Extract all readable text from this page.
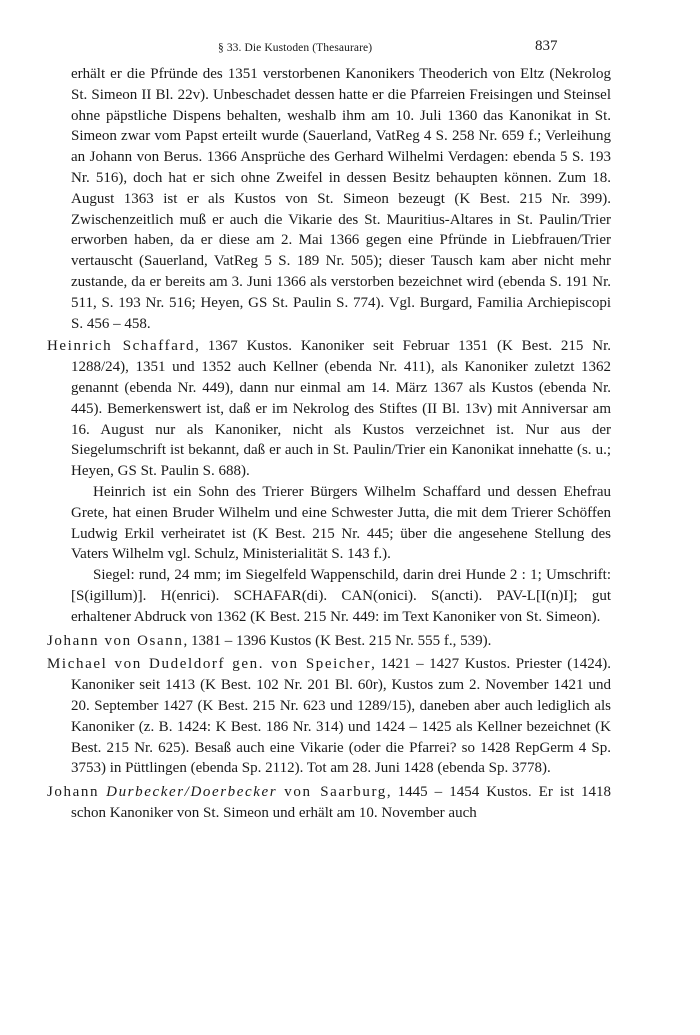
§ 33. Die Kustoden (Thesaurare)	837

erhält er die Pfründe des 1351 verstorbenen Kanonikers Theoderich von Eltz (Nekrolog St. Simeon II Bl. 22v). Unbeschadet dessen hatte er die Pfarreien Freisingen und Steinsel ohne päpstliche Dispens behalten, weshalb ihm am 10. Juli 1360 das Kanonikat in St. Simeon zwar vom Papst erteilt wurde (Sauerland, VatReg 4 S. 258 Nr. 659 f.; Verleihung an Johann von Berus. 1366 Ansprüche des Gerhard Wilhelmi Verdagen: ebenda 5 S. 193 Nr. 516), doch hat er sich ohne Zweifel in dessen Besitz behaupten können. Zum 18. August 1363 ist er als Kustos von St. Simeon bezeugt (K Best. 215 Nr. 399). Zwischenzeitlich muß er auch die Vikarie des St. Mauritius-Altares in St. Paulin/Trier erworben haben, da er diese am 2. Mai 1366 gegen eine Pfründe in Liebfrauen/Trier vertauscht (Sauerland, VatReg 5 S. 189 Nr. 505); dieser Tausch kam aber nicht mehr zustande, da er bereits am 3. Juni 1366 als verstorben bezeichnet wird (ebenda S. 191 Nr. 511, S. 193 Nr. 516; Heyen, GS St. Paulin S. 774). Vgl. Burgard, Familia Archiepiscopi S. 456 – 458.

Heinrich Schaffard, 1367 Kustos. Kanoniker seit Februar 1351 (K Best. 215 Nr. 1288/24), 1351 und 1352 auch Kellner (ebenda Nr. 411), als Kanoniker zuletzt 1362 genannt (ebenda Nr. 449), dann nur einmal am 14. März 1367 als Kustos (ebenda Nr. 445). Bemerkenswert ist, daß er im Nekrolog des Stiftes (II Bl. 13v) mit Anniversar am 16. August nur als Kanoniker, nicht als Kustos verzeichnet ist. Nur aus der Siegelumschrift ist bekannt, daß er auch in St. Paulin/Trier ein Kanonikat innehatte (s. u.; Heyen, GS St. Paulin S. 688).

Heinrich ist ein Sohn des Trierer Bürgers Wilhelm Schaffard und dessen Ehefrau Grete, hat einen Bruder Wilhelm und eine Schwester Jutta, die mit dem Trierer Schöffen Ludwig Erkil verheiratet ist (K Best. 215 Nr. 445; über die angesehene Stellung des Vaters Wilhelm vgl. Schulz, Ministerialität S. 143 f.).

Siegel: rund, 24 mm; im Siegelfeld Wappenschild, darin drei Hunde 2 : 1; Umschrift: [S(igillum)]. H(enrici). SCHAFAR(di). CAN(onici). S(ancti). PAV-L[I(n)I]; gut erhaltener Abdruck von 1362 (K Best. 215 Nr. 449: im Text Kanoniker von St. Simeon).

Johann von Osann, 1381 – 1396 Kustos (K Best. 215 Nr. 555 f., 539).

Michael von Dudeldorf gen. von Speicher, 1421 – 1427 Kustos. Priester (1424). Kanoniker seit 1413 (K Best. 102 Nr. 201 Bl. 60r), Kustos zum 2. November 1421 und 20. September 1427 (K Best. 215 Nr. 623 und 1289/15), daneben aber auch lediglich als Kanoniker (z. B. 1424: K Best. 186 Nr. 314) und 1424 – 1425 als Kellner bezeichnet (K Best. 215 Nr. 625). Besaß auch eine Vikarie (oder die Pfarrei? so 1428 RepGerm 4 Sp. 3753) in Püttlingen (ebenda Sp. 2112). Tot am 28. Juni 1428 (ebenda Sp. 3778).

Johann Durbecker/Doerbecker von Saarburg, 1445 – 1454 Kustos. Er ist 1418 schon Kanoniker von St. Simeon und erhält am 10. November auch
